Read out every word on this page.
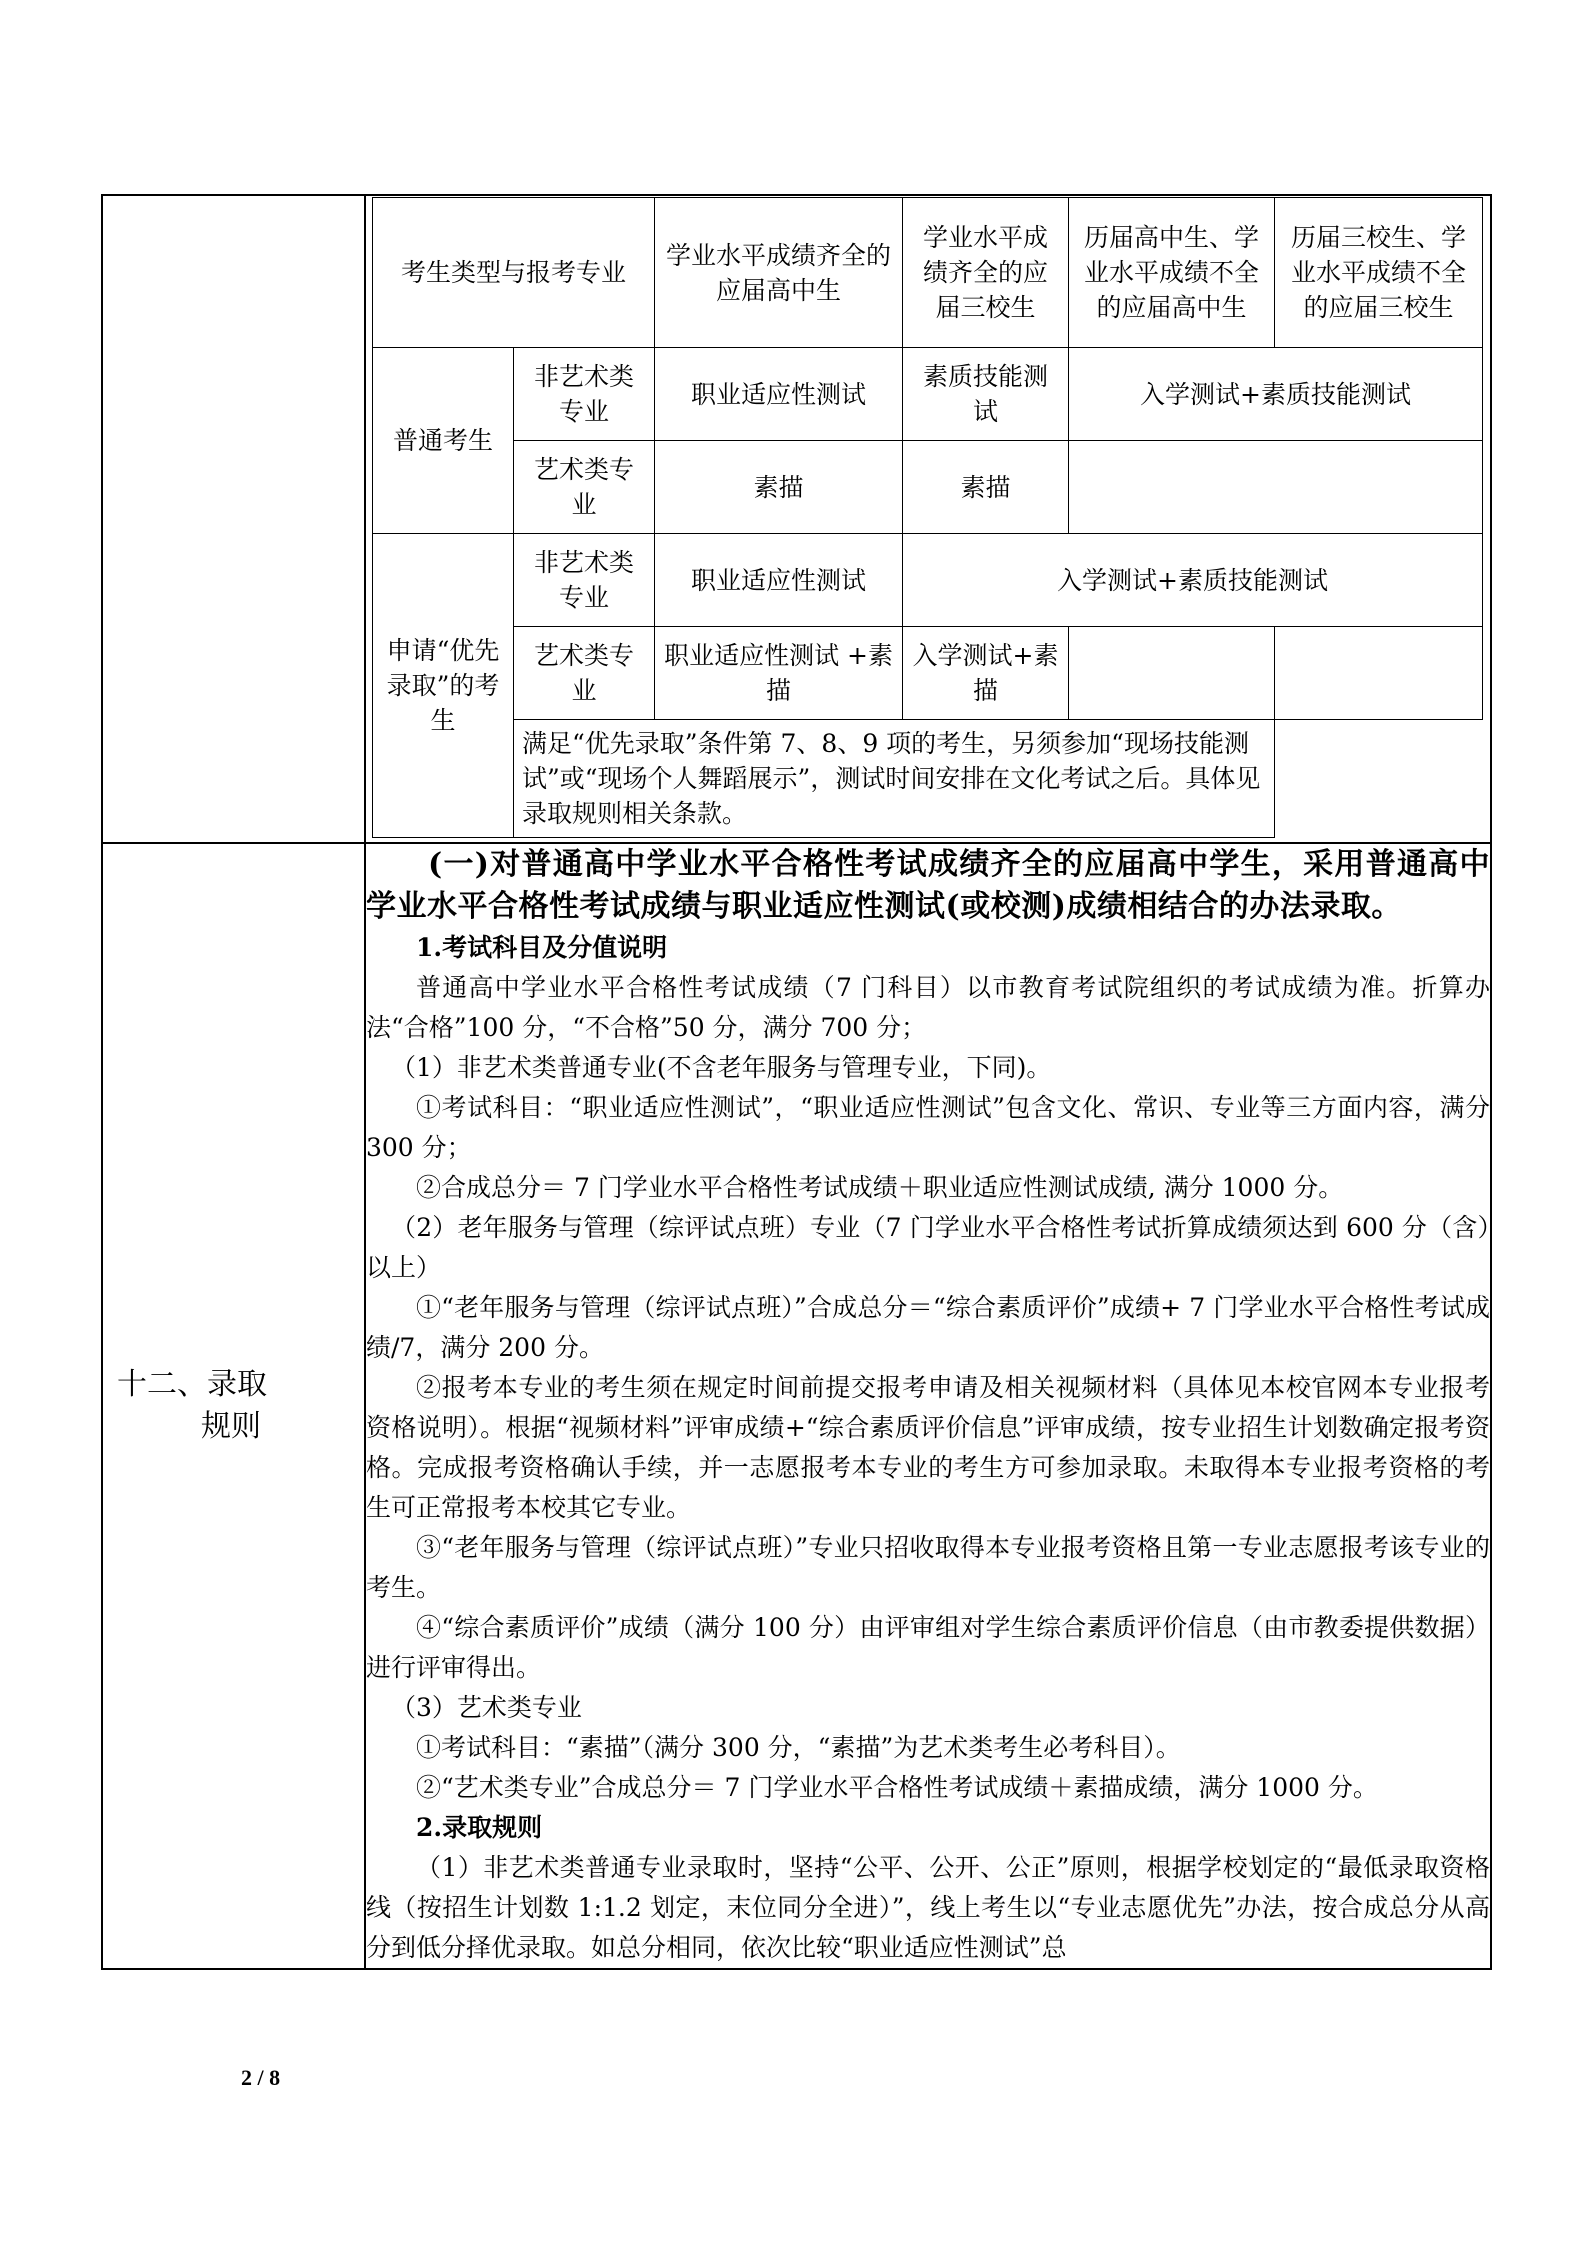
考生类型与报考专业	学业水平成绩齐全的应届高中生	学业水平成绩齐全的应届三校生	历届高中生、学业水平成绩不全的应届高中生	历届三校生、学业水平成绩不全的应届三校生
普通考生	非艺术类专业	职业适应性测试	素质技能测试	入学测试+素质技能测试
艺术类专业	素描	素描	
申请“优先录取”的考生	非艺术类专业	职业适应性测试	入学测试+素质技能测试
艺术类专业	职业适应性测试 +素描	入学测试+素描		
满足“优先录取”条件第 7、8、9 项的考生，另须参加“现场技能测试”或“现场个人舞蹈展示”，测试时间安排在文化考试之后。具体见录取规则相关条款。

十二、录取
规则

(一)对普通高中学业水平合格性考试成绩齐全的应届高中学生，采用普通高中学业水平合格性考试成绩与职业适应性测试(或校测)成绩相结合的办法录取。

1.考试科目及分值说明

普通高中学业水平合格性考试成绩（7 门科目）以市教育考试院组织的考试成绩为准。折算办法“合格”100 分，“不合格”50 分，满分 700 分；

（1）非艺术类普通专业(不含老年服务与管理专业，下同)。

①考试科目：“职业适应性测试”，“职业适应性测试”包含文化、常识、专业等三方面内容，满分 300 分；

②合成总分＝ 7 门学业水平合格性考试成绩＋职业适应性测试成绩, 满分 1000 分。

（2）老年服务与管理（综评试点班）专业（7 门学业水平合格性考试折算成绩须达到 600 分（含）以上）

①“老年服务与管理（综评试点班）”合成总分＝“综合素质评价”成绩+ 7 门学业水平合格性考试成绩/7，满分 200 分。

②报考本专业的考生须在规定时间前提交报考申请及相关视频材料（具体见本校官网本专业报考资格说明）。根据“视频材料”评审成绩+“综合素质评价信息”评审成绩，按专业招生计划数确定报考资格。完成报考资格确认手续，并一志愿报考本专业的考生方可参加录取。未取得本专业报考资格的考生可正常报考本校其它专业。

③“老年服务与管理（综评试点班）”专业只招收取得本专业报考资格且第一专业志愿报考该专业的考生。

④“综合素质评价”成绩（满分 100 分）由评审组对学生综合素质评价信息（由市教委提供数据）进行评审得出。

（3）艺术类专业

①考试科目：“素描”（满分 300 分，“素描”为艺术类考生必考科目）。

②“艺术类专业”合成总分＝ 7 门学业水平合格性考试成绩＋素描成绩，满分 1000 分。

2.录取规则

（1）非艺术类普通专业录取时，坚持“公平、公开、公正”原则，根据学校划定的“最低录取资格线（按招生计划数 1:1.2 划定，末位同分全进）”，线上考生以“专业志愿优先”办法，按合成总分从高分到低分择优录取。如总分相同，依次比较“职业适应性测试”总

2 / 8
